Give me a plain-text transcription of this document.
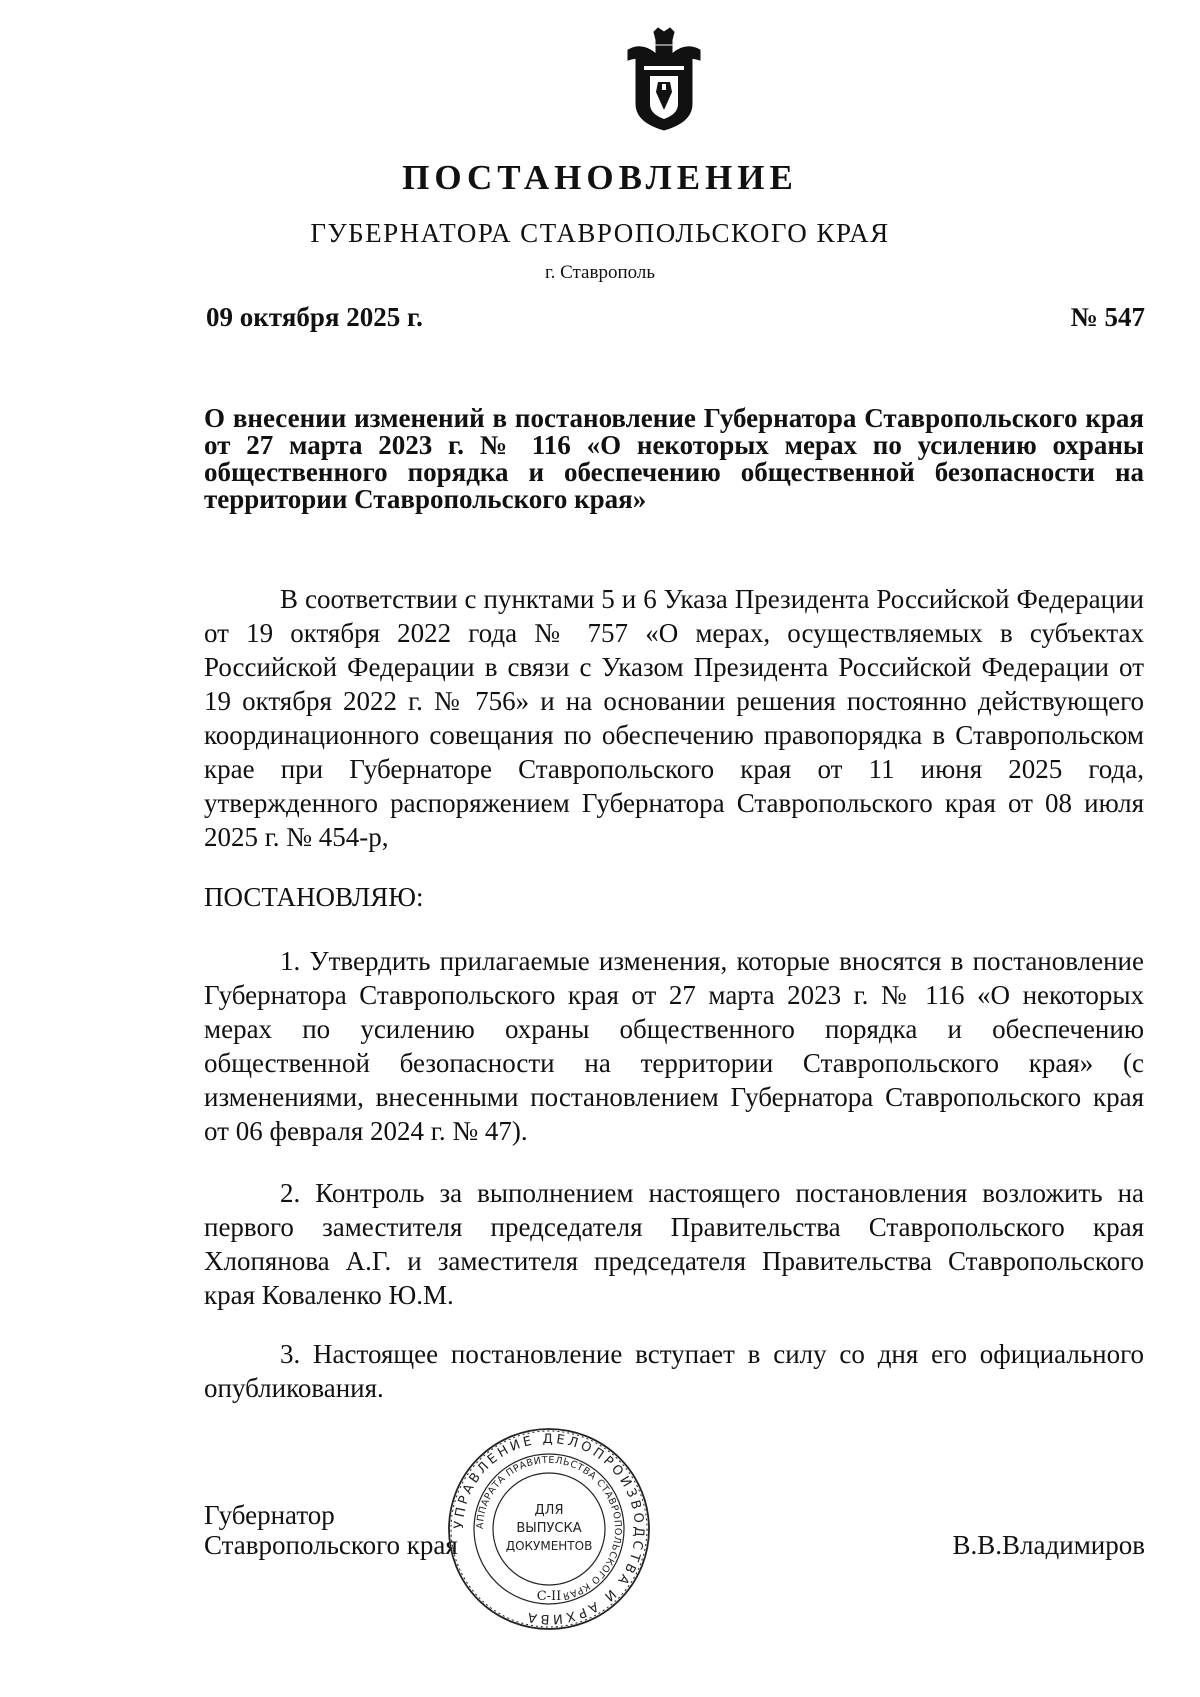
ПОСТАНОВЛЕНИЕ
ГУБЕРНАТОРА СТАВРОПОЛЬСКОГО КРАЯ
г. Ставрополь
09 октября 2025 г.	№ 547
О внесении изменений в постановление Губернатора Ставропольского края от 27 марта 2023 г. № 116 «О некоторых мерах по усилению охраны общественного порядка и обеспечению общественной безопасности на территории Ставропольского края»
В соответствии с пунктами 5 и 6 Указа Президента Российской Федерации от 19 октября 2022 года № 757 «О мерах, осуществляемых в субъектах Российской Федерации в связи с Указом Президента Российской Федерации от 19 октября 2022 г. № 756» и на основании решения постоянно действующего координационного совещания по обеспечению правопорядка в Ставропольском крае при Губернаторе Ставропольского края от 11 июня 2025 года, утвержденного распоряжением Губернатора Ставропольского края от 08 июля 2025 г. № 454-р,
ПОСТАНОВЛЯЮ:
1. Утвердить прилагаемые изменения, которые вносятся в постановление Губернатора Ставропольского края от 27 марта 2023 г. № 116 «О некоторых мерах по усилению охраны общественного порядка и обеспечению общественной безопасности на территории Ставропольского края» (с изменениями, внесенными постановлением Губернатора Ставропольского края от 06 февраля 2024 г. № 47).
2. Контроль за выполнением настоящего постановления возложить на первого заместителя председателя Правительства Ставропольского края Хлопянова А.Г. и заместителя председателя Правительства Ставропольского края Коваленко Ю.М.
3. Настоящее постановление вступает в силу со дня его официального опубликования.
Губернатор
Ставропольского края	В.В.Владимиров
УПРАВЛЕНИЕ ДЕЛОПРОИЗВОДСТВА И АРХИВА
АППАРАТА ПРАВИТЕЛЬСТВА СТАВРОПОЛЬСКОГО КРАЯ
ДЛЯ
ВЫПУСКА
ДОКУМЕНТОВ
С-II
